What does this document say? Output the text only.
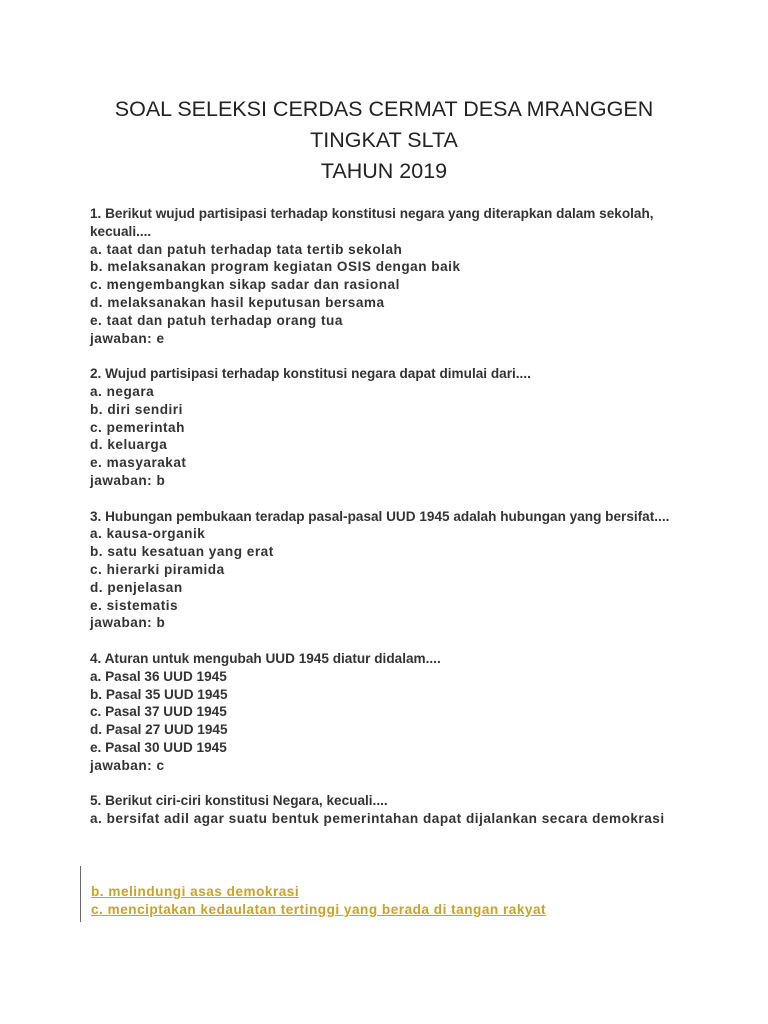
SOAL SELEKSI CERDAS CERMAT DESA MRANGGEN
TINGKAT SLTA
TAHUN 2019
1. Berikut wujud partisipasi terhadap konstitusi negara yang diterapkan dalam sekolah, kecuali....
a. taat dan patuh terhadap tata tertib sekolah
b. melaksanakan program kegiatan OSIS dengan baik
c. mengembangkan sikap sadar dan rasional
d. melaksanakan hasil keputusan bersama
e. taat dan patuh terhadap orang tua
jawaban: e
2. Wujud partisipasi terhadap konstitusi negara dapat dimulai dari....
a. negara
b. diri sendiri
c. pemerintah
d. keluarga
e. masyarakat
jawaban: b
3. Hubungan pembukaan teradap pasal-pasal UUD 1945 adalah hubungan yang bersifat....
a. kausa-organik
b. satu kesatuan yang erat
c. hierarki piramida
d. penjelasan
e. sistematis
jawaban: b
4. Aturan untuk mengubah UUD 1945 diatur didalam....
a. Pasal 36 UUD 1945
b. Pasal 35 UUD 1945
c. Pasal 37 UUD 1945
d. Pasal 27 UUD 1945
e. Pasal 30 UUD 1945
jawaban: c
5. Berikut ciri-ciri konstitusi Negara, kecuali....
a. bersifat adil agar suatu bentuk pemerintahan dapat dijalankan secara demokrasi
b. melindungi asas demokrasi
c. menciptakan kedaulatan tertinggi yang berada di tangan rakyat
